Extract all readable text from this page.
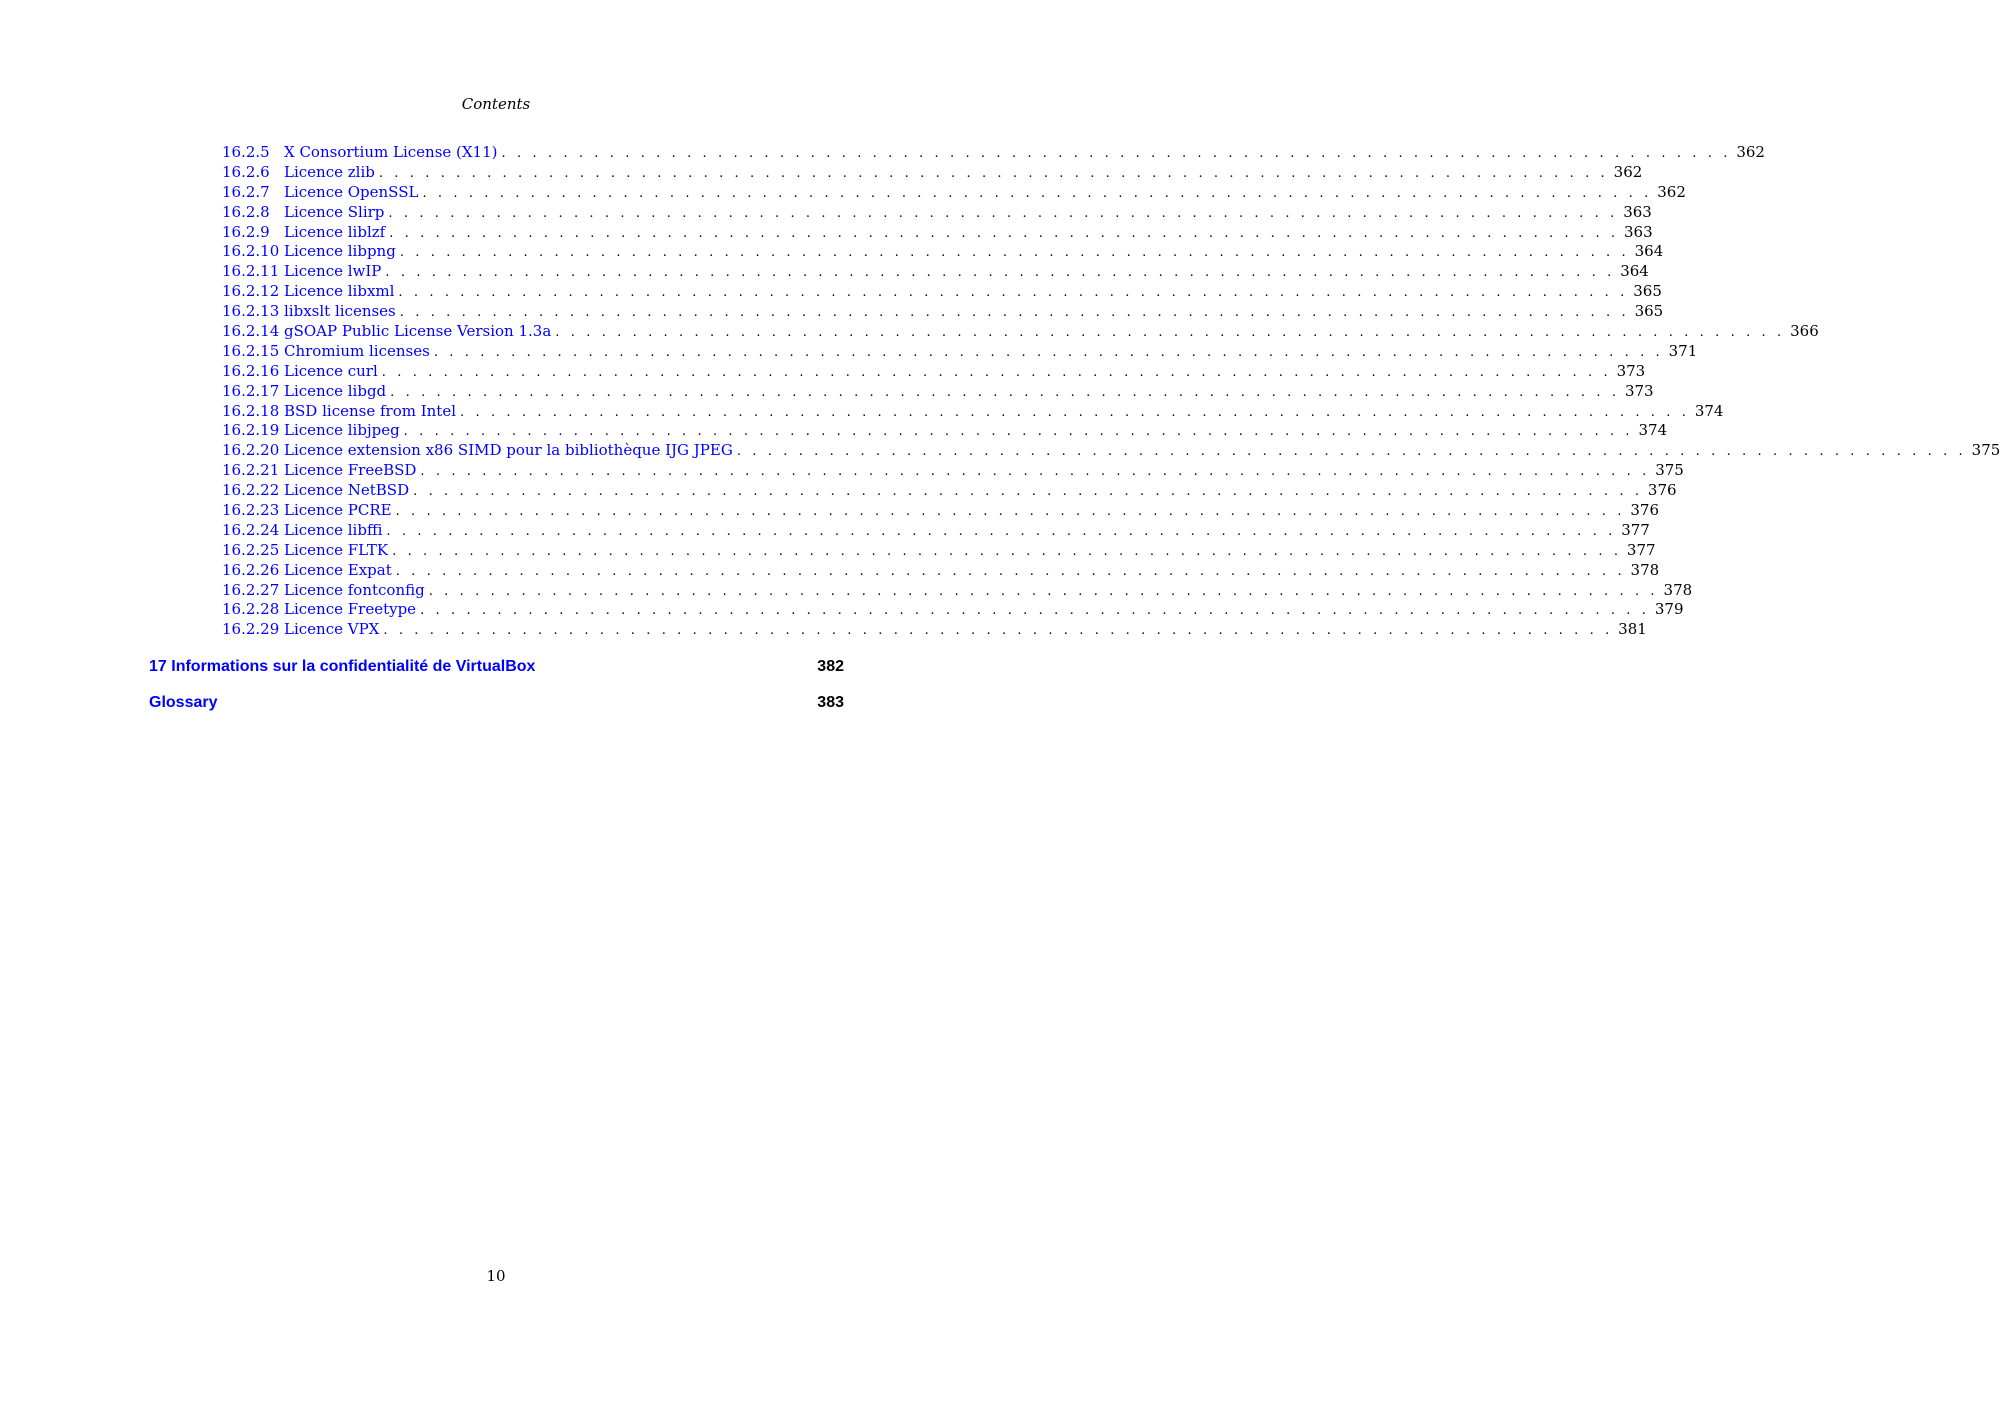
Contents
16.2.5 X Consortium License (X11) . . . . . . . . . . . . . . . . . . . . . . . . . . . . . . . . . . . . . . . . . . . . . . . . . . . . . . . . . . . . . . . . . . . . . . . . . . . . . . . . 362
16.2.6 Licence zlib . . . . . . . . . . . . . . . . . . . . . . . . . . . . . . . . . . . . . . . . . . . . . . . . . . . . . . . . . . . . . . . . . . . . . . . . . . . . . . . . 362
16.2.7 Licence OpenSSL . . . . . . . . . . . . . . . . . . . . . . . . . . . . . . . . . . . . . . . . . . . . . . . . . . . . . . . . . . . . . . . . . . . . . . . . . . . . . . . . 362
16.2.8 Licence Slirp . . . . . . . . . . . . . . . . . . . . . . . . . . . . . . . . . . . . . . . . . . . . . . . . . . . . . . . . . . . . . . . . . . . . . . . . . . . . . . . . 363
16.2.9 Licence liblzf . . . . . . . . . . . . . . . . . . . . . . . . . . . . . . . . . . . . . . . . . . . . . . . . . . . . . . . . . . . . . . . . . . . . . . . . . . . . . . . . 363
16.2.10 Licence libpng . . . . . . . . . . . . . . . . . . . . . . . . . . . . . . . . . . . . . . . . . . . . . . . . . . . . . . . . . . . . . . . . . . . . . . . . . . . . . . . . 364
16.2.11 Licence lwIP . . . . . . . . . . . . . . . . . . . . . . . . . . . . . . . . . . . . . . . . . . . . . . . . . . . . . . . . . . . . . . . . . . . . . . . . . . . . . . . . 364
16.2.12 Licence libxml . . . . . . . . . . . . . . . . . . . . . . . . . . . . . . . . . . . . . . . . . . . . . . . . . . . . . . . . . . . . . . . . . . . . . . . . . . . . . . . . 365
16.2.13 libxslt licenses . . . . . . . . . . . . . . . . . . . . . . . . . . . . . . . . . . . . . . . . . . . . . . . . . . . . . . . . . . . . . . . . . . . . . . . . . . . . . . . . 365
16.2.14 gSOAP Public License Version 1.3a . . . . . . . . . . . . . . . . . . . . . . . . . . . . . . . . . . . . . . . . . . . . . . . . . . . . . . . . . . . . . . . . . . . . . . . . . . . . . . . . 366
16.2.15 Chromium licenses . . . . . . . . . . . . . . . . . . . . . . . . . . . . . . . . . . . . . . . . . . . . . . . . . . . . . . . . . . . . . . . . . . . . . . . . . . . . . . . . 371
16.2.16 Licence curl . . . . . . . . . . . . . . . . . . . . . . . . . . . . . . . . . . . . . . . . . . . . . . . . . . . . . . . . . . . . . . . . . . . . . . . . . . . . . . . . 373
16.2.17 Licence libgd . . . . . . . . . . . . . . . . . . . . . . . . . . . . . . . . . . . . . . . . . . . . . . . . . . . . . . . . . . . . . . . . . . . . . . . . . . . . . . . . 373
16.2.18 BSD license from Intel . . . . . . . . . . . . . . . . . . . . . . . . . . . . . . . . . . . . . . . . . . . . . . . . . . . . . . . . . . . . . . . . . . . . . . . . . . . . . . . . 374
16.2.19 Licence libjpeg . . . . . . . . . . . . . . . . . . . . . . . . . . . . . . . . . . . . . . . . . . . . . . . . . . . . . . . . . . . . . . . . . . . . . . . . . . . . . . . . 374
16.2.20 Licence extension x86 SIMD pour la bibliothèque IJG JPEG . . . . . . . . . . . . . . . . . . . . . . . . . . . . . . . . . . . . . . . . . . . . . . . . . . . . . . . . . . . . . . . . . . . . . . . . . . . . . . . . 375
16.2.21 Licence FreeBSD . . . . . . . . . . . . . . . . . . . . . . . . . . . . . . . . . . . . . . . . . . . . . . . . . . . . . . . . . . . . . . . . . . . . . . . . . . . . . . . . 375
16.2.22 Licence NetBSD . . . . . . . . . . . . . . . . . . . . . . . . . . . . . . . . . . . . . . . . . . . . . . . . . . . . . . . . . . . . . . . . . . . . . . . . . . . . . . . . 376
16.2.23 Licence PCRE . . . . . . . . . . . . . . . . . . . . . . . . . . . . . . . . . . . . . . . . . . . . . . . . . . . . . . . . . . . . . . . . . . . . . . . . . . . . . . . . 376
16.2.24 Licence libffi . . . . . . . . . . . . . . . . . . . . . . . . . . . . . . . . . . . . . . . . . . . . . . . . . . . . . . . . . . . . . . . . . . . . . . . . . . . . . . . . 377
16.2.25 Licence FLTK . . . . . . . . . . . . . . . . . . . . . . . . . . . . . . . . . . . . . . . . . . . . . . . . . . . . . . . . . . . . . . . . . . . . . . . . . . . . . . . . 377
16.2.26 Licence Expat . . . . . . . . . . . . . . . . . . . . . . . . . . . . . . . . . . . . . . . . . . . . . . . . . . . . . . . . . . . . . . . . . . . . . . . . . . . . . . . . 378
16.2.27 Licence fontconfig . . . . . . . . . . . . . . . . . . . . . . . . . . . . . . . . . . . . . . . . . . . . . . . . . . . . . . . . . . . . . . . . . . . . . . . . . . . . . . . . 378
16.2.28 Licence Freetype . . . . . . . . . . . . . . . . . . . . . . . . . . . . . . . . . . . . . . . . . . . . . . . . . . . . . . . . . . . . . . . . . . . . . . . . . . . . . . . . 379
16.2.29 Licence VPX . . . . . . . . . . . . . . . . . . . . . . . . . . . . . . . . . . . . . . . . . . . . . . . . . . . . . . . . . . . . . . . . . . . . . . . . . . . . . . . . 381
17 Informations sur la confidentialité de VirtualBox	382
Glossary	383
10
